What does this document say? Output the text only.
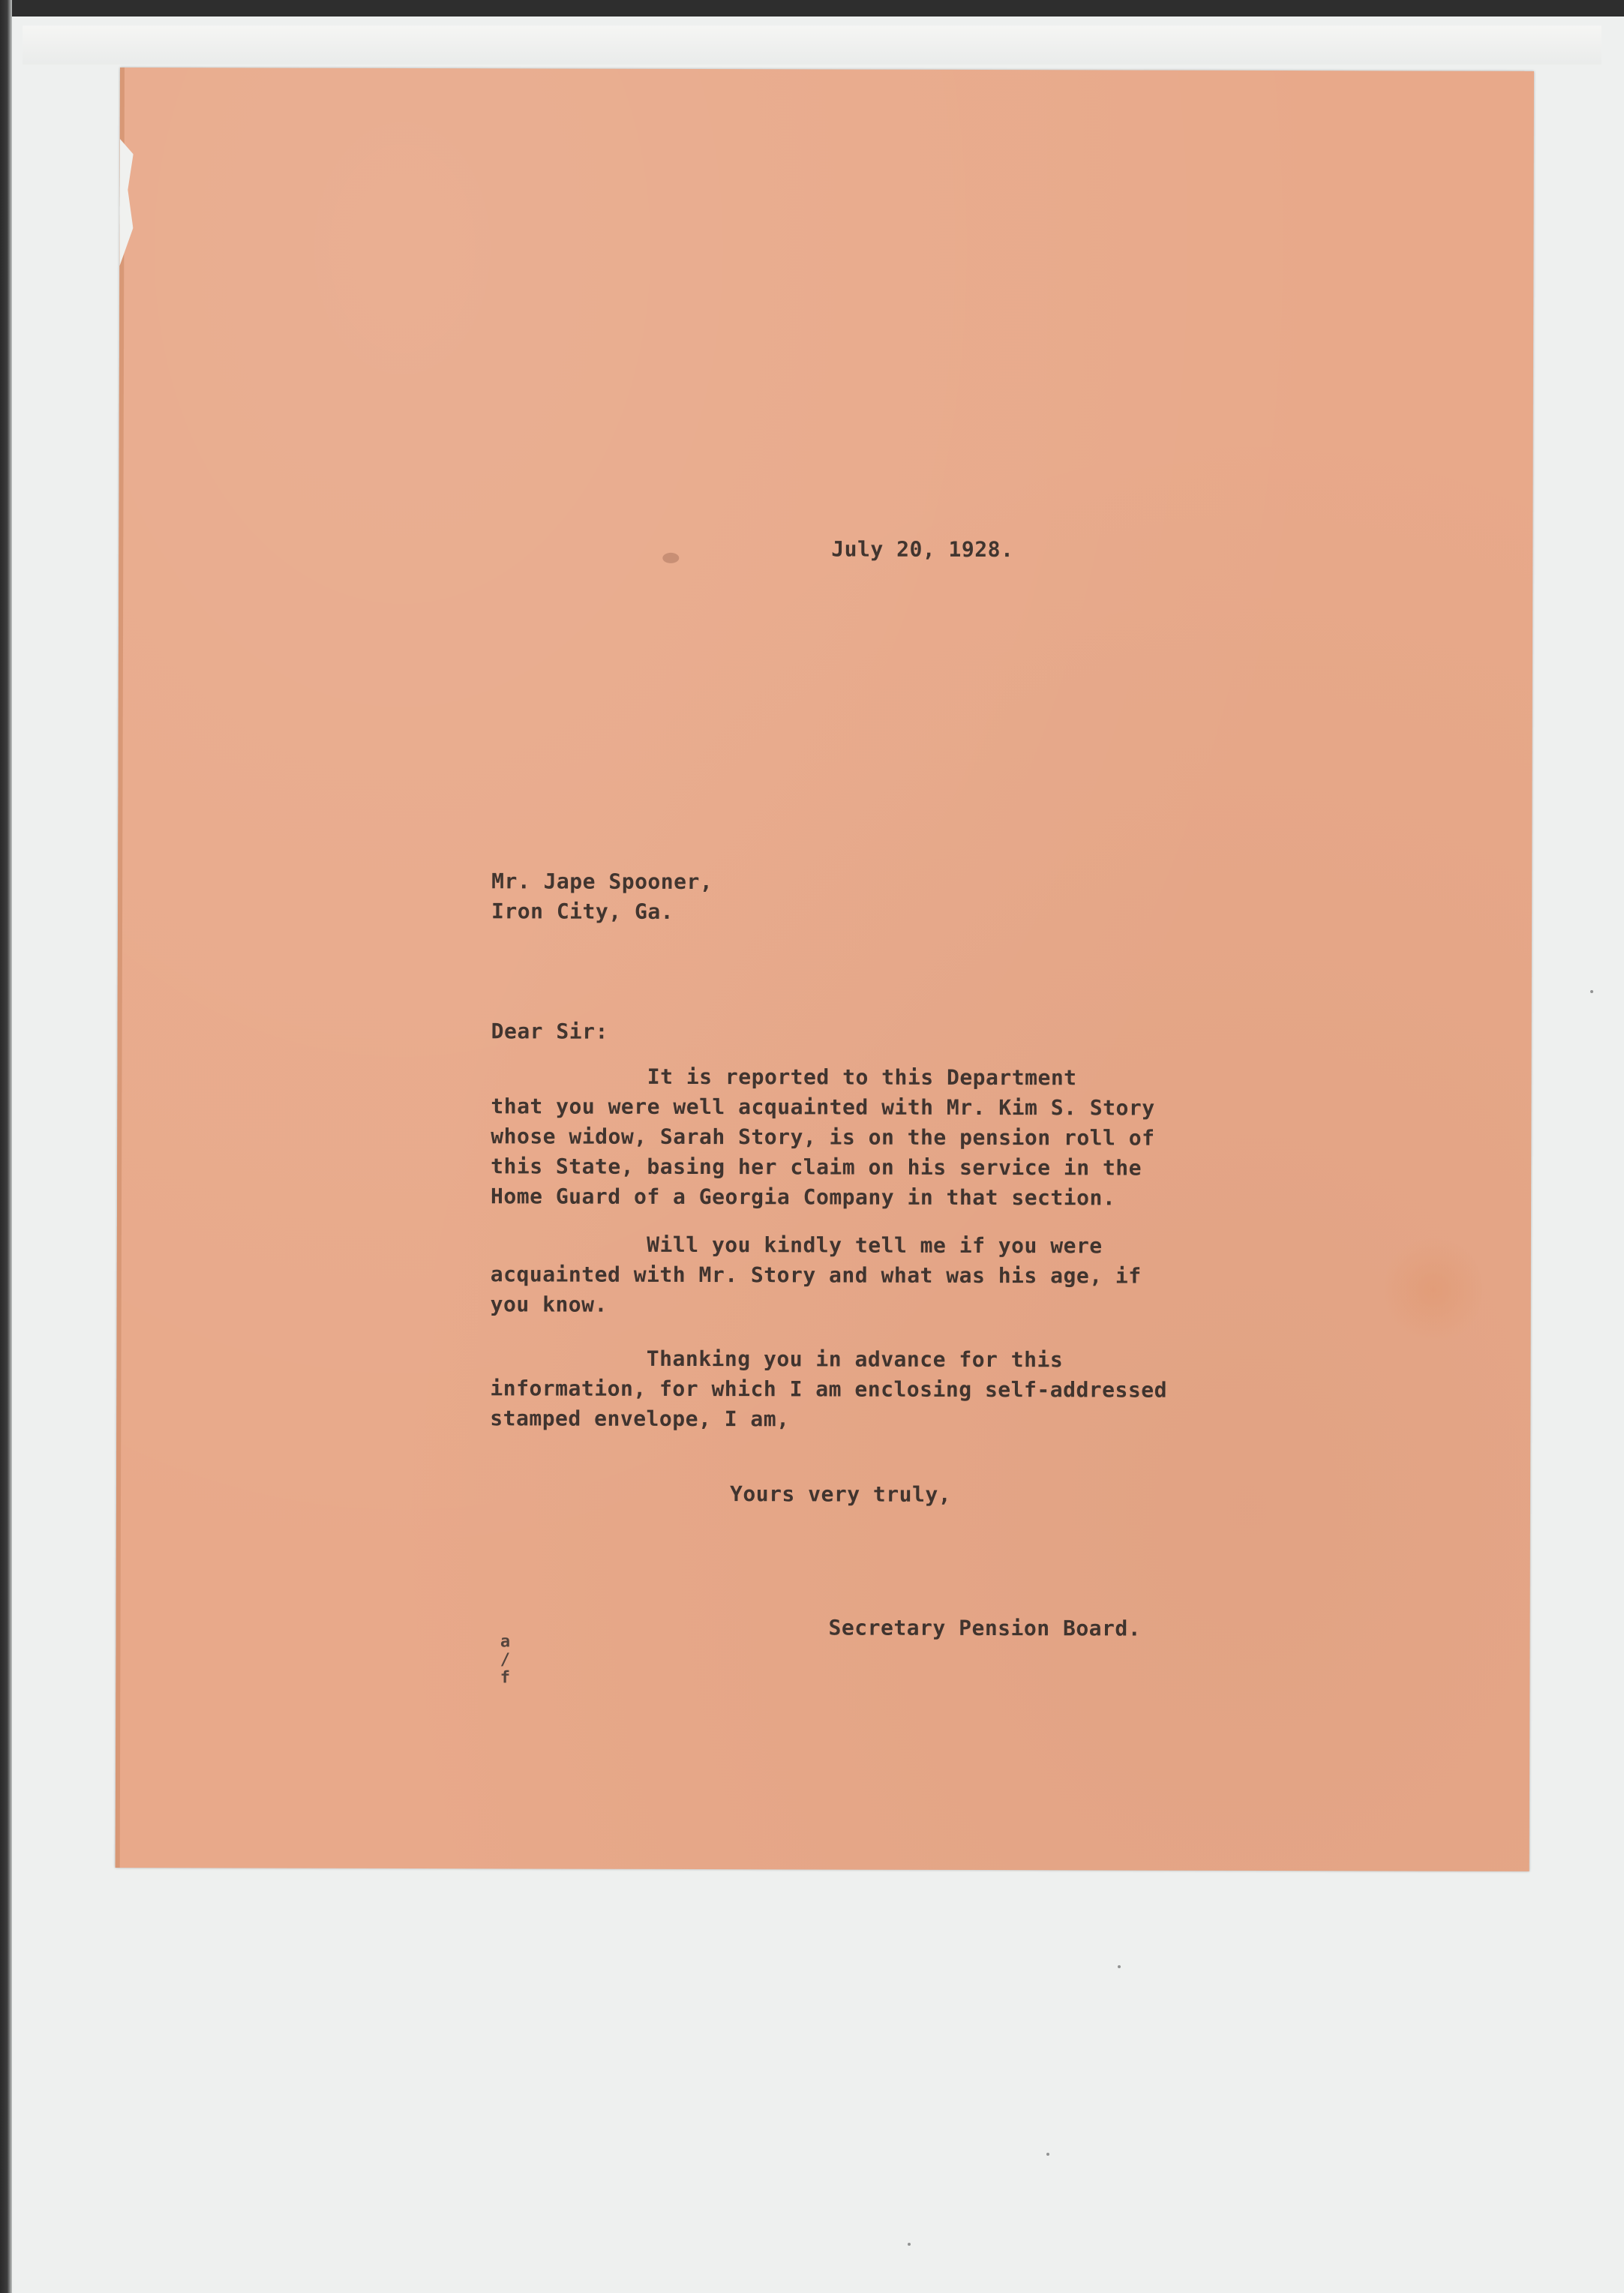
July 20, 1928.
Mr. Jape Spooner,
Iron City, Ga.
Dear Sir:
It is reported to this Department
that you were well acquainted with Mr. Kim S. Story
whose widow, Sarah Story, is on the pension roll of
this State, basing her claim on his service in the
Home Guard of a Georgia Company in that section.
Will you kindly tell me if you were
acquainted with Mr. Story and what was his age, if
you know.
Thanking you in advance for this
information, for which I am enclosing self-addressed
stamped envelope, I am,
Yours very truly,
Secretary Pension Board.
a
/
f
